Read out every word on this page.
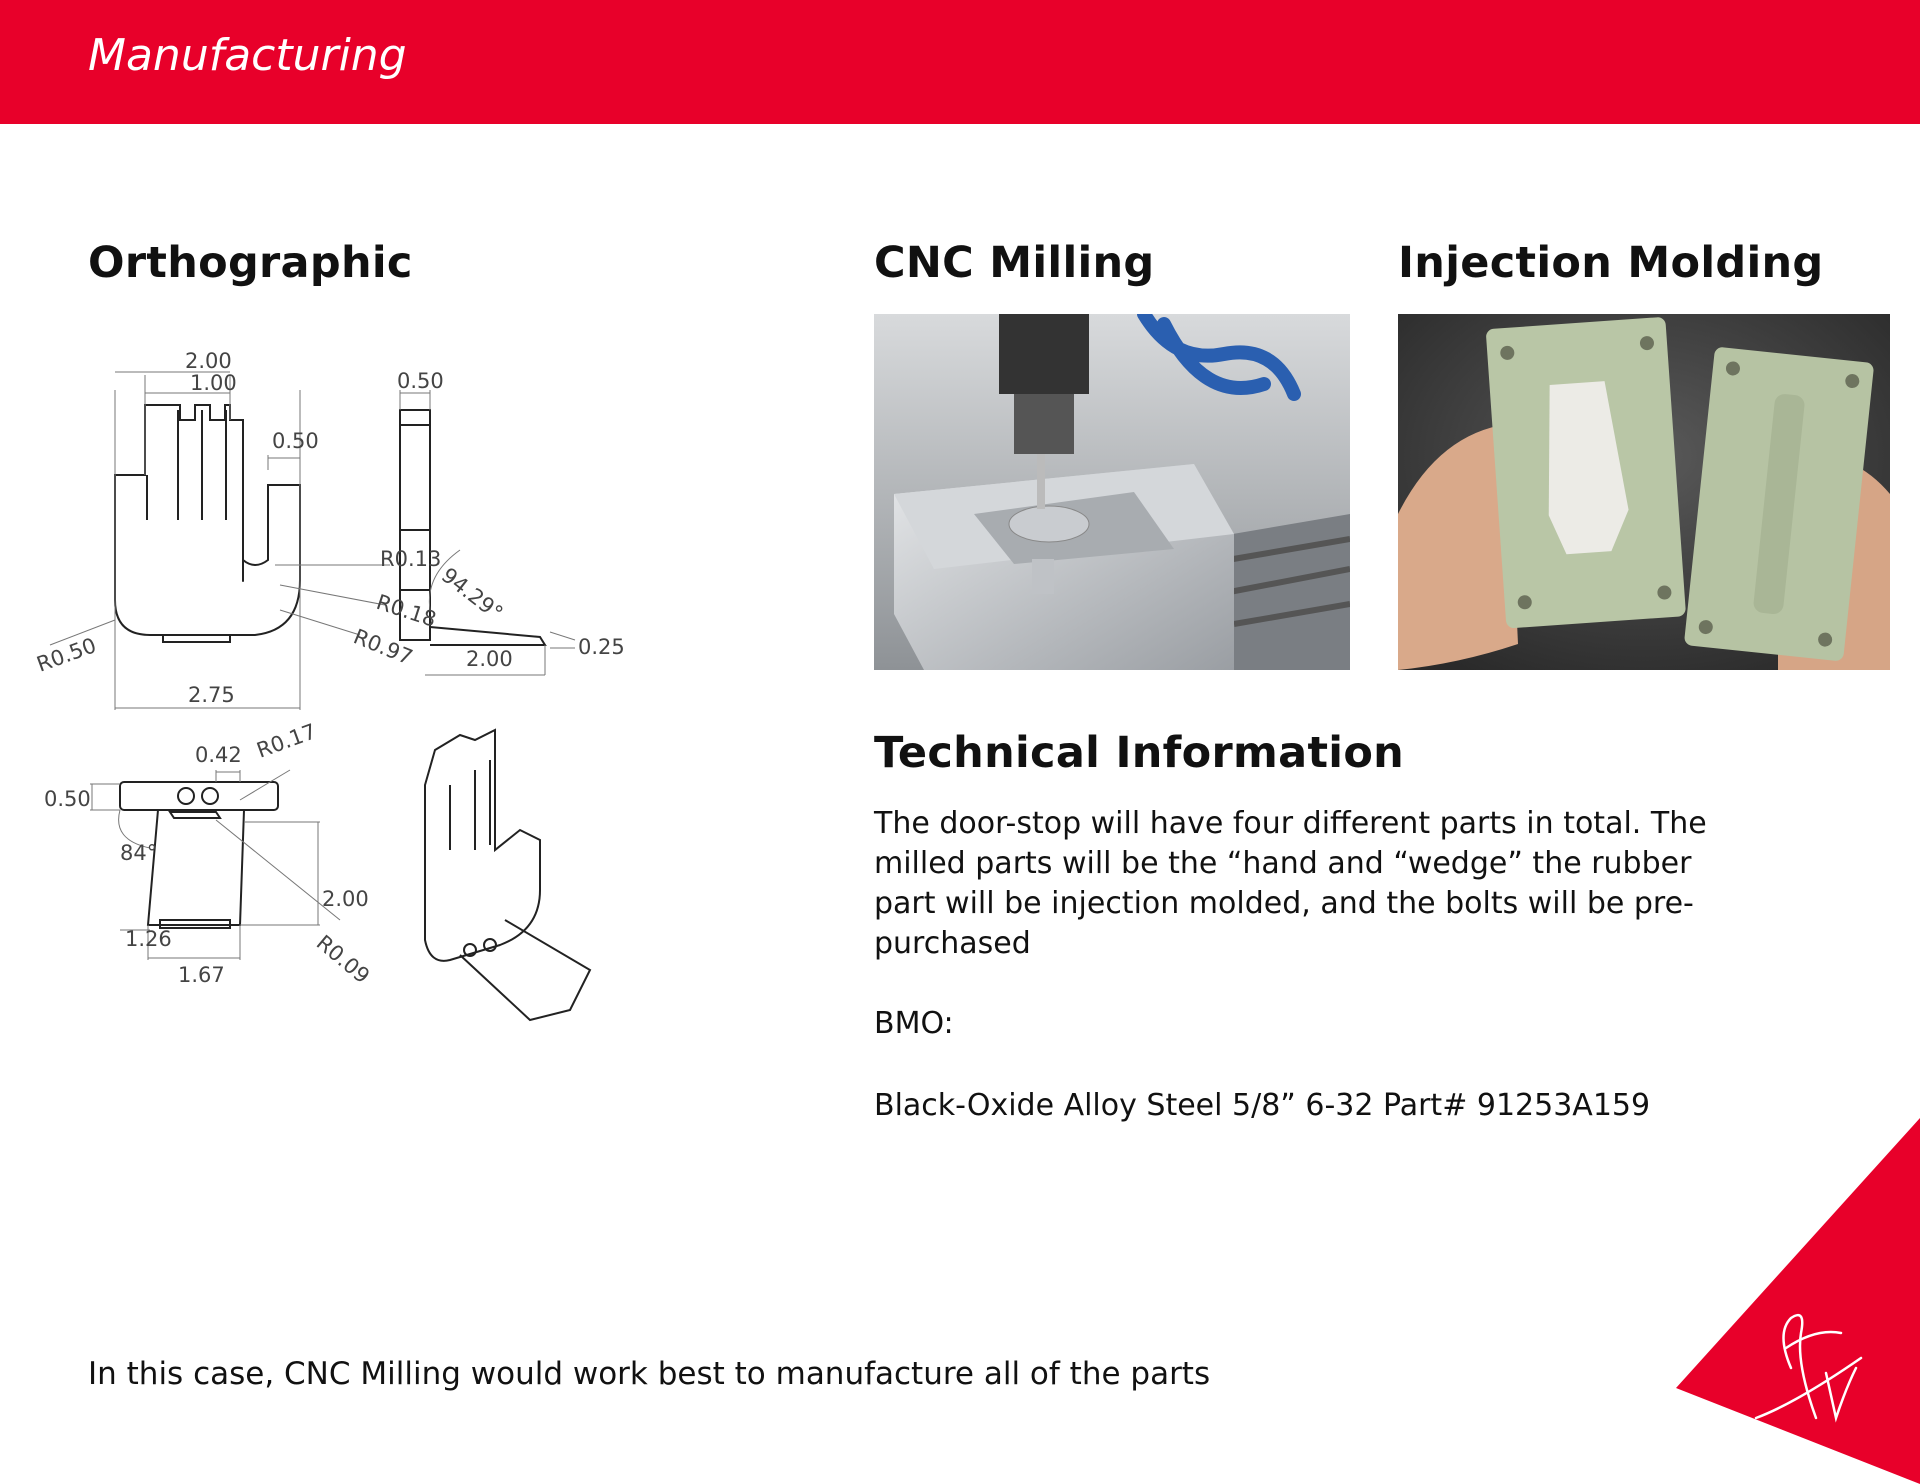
Manufacturing
Orthographic	CNC Milling	Injection Molding
2.00
1.00
0.50
R0.13
R0.18
R0.97
R0.50
2.75
0.50
94.29°
2.00	0.25
0.42 R0.17
0.50
84°
2.00
R0.09
1.26
1.67
Technical Information
The door-stop will have four different parts in total. The milled parts will be the “hand and “wedge” the rubber part will be injection molded, and the bolts will be pre-purchased
BMO:
Black-Oxide Alloy Steel 5/8” 6-32 Part# 91253A159
In this case, CNC Milling would work best to manufacture all of the parts
